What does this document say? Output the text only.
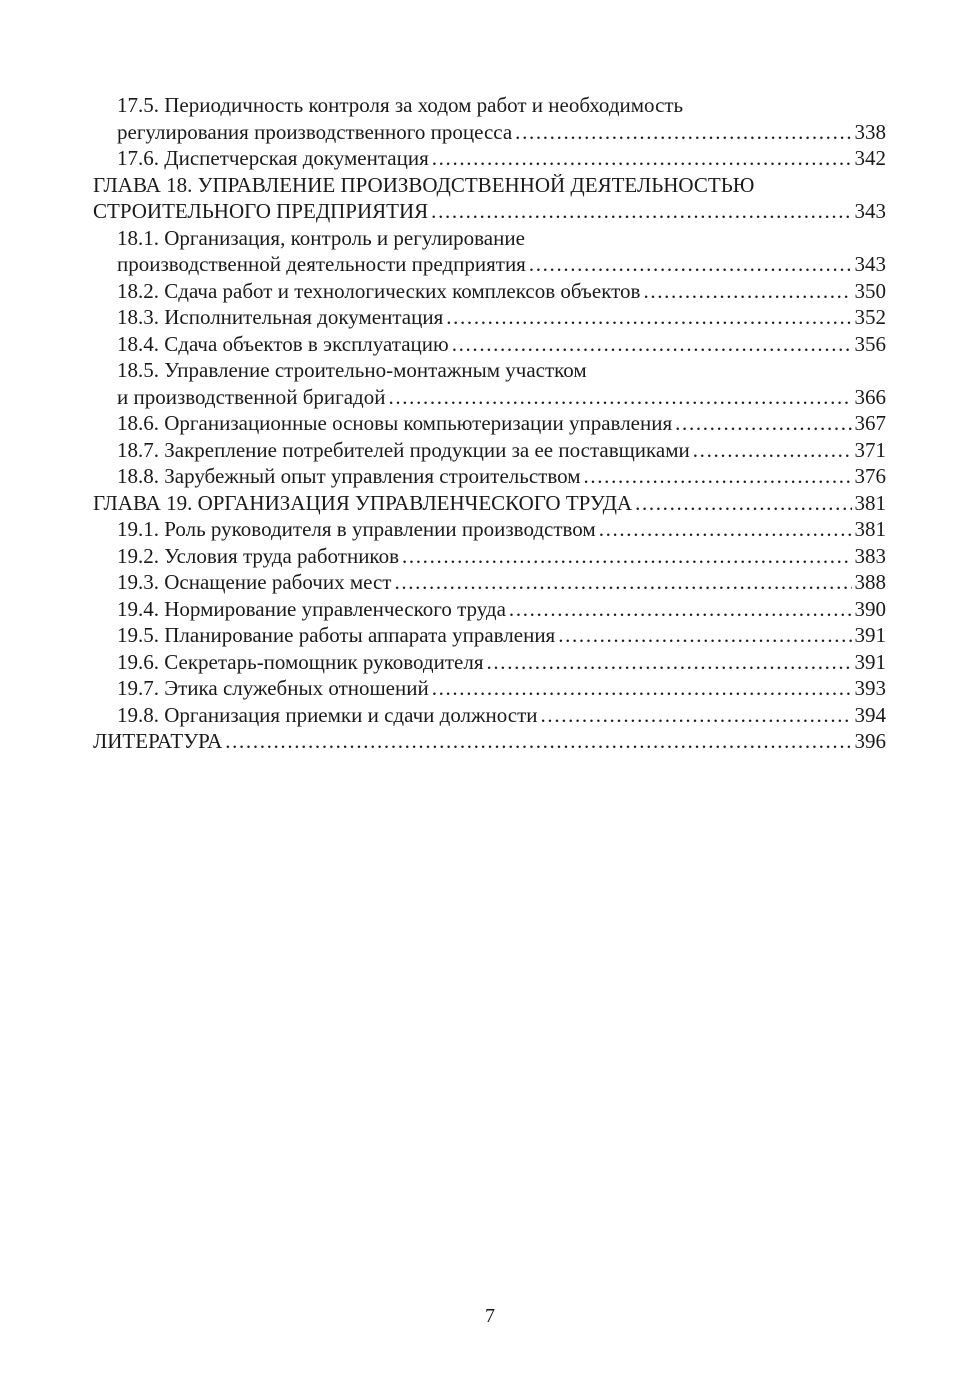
17.5. Периодичность контроля за ходом работ и необходимость
регулирования производственного процесса . . .	338
17.6. Диспетчерская документация . . .	342
ГЛАВА 18. УПРАВЛЕНИЕ ПРОИЗВОДСТВЕННОЙ ДЕЯТЕЛЬНОСТЬЮ
СТРОИТЕЛЬНОГО ПРЕДПРИЯТИЯ . . .	343
18.1. Организация, контроль и регулирование
производственной деятельности предприятия . . .	343
18.2. Сдача работ и технологических комплексов объектов . . .	350
18.3. Исполнительная документация . . .	352
18.4. Сдача объектов в эксплуатацию . . .	356
18.5. Управление строительно-монтажным участком
и производственной бригадой . . .	366
18.6. Организационные основы компьютеризации управления . . .	367
18.7. Закрепление потребителей продукции за ее поставщиками . . .	371
18.8. Зарубежный опыт управления строительством . . .	376
ГЛАВА 19. ОРГАНИЗАЦИЯ УПРАВЛЕНЧЕСКОГО ТРУДА . . .	381
19.1. Роль руководителя в управлении производством . . .	381
19.2. Условия труда работников . . .	383
19.3. Оснащение рабочих мест . . .	388
19.4. Нормирование управленческого труда . . .	390
19.5. Планирование работы аппарата управления . . .	391
19.6. Секретарь-помощник руководителя . . .	391
19.7. Этика служебных отношений . . .	393
19.8. Организация приемки и сдачи должности . . .	394
ЛИТЕРАТУРА . . .	396
7
